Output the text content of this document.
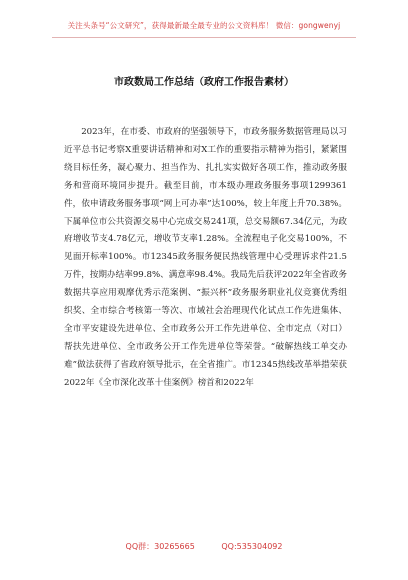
关注头条号“公文研究”，获得最新最全最专业的公文资料库！ 微信：gongwenyj
市政数局工作总结（政府工作报告素材）

2023年，在市委、市政府的坚强领导下，市政务服务数据管理局以习近平总书记考察X重要讲话精神和对X工作的重要指示精神为指引，紧紧围绕目标任务，凝心聚力、担当作为、扎扎实实做好各项工作，推动政务服务和营商环境同步提升。截至目前，市本级办理政务服务事项1299361件，依申请政务服务事项“网上可办率”达100%，较上年度上升70.38%。下属单位市公共资源交易中心完成交易241项，总交易额67.34亿元，为政府增收节支4.78亿元，增收节支率1.28%。全流程电子化交易100%，不见面开标率100%。市12345政务服务便民热线管理中心受理诉求件21.5万件，按期办结率99.8%、满意率98.4%。我局先后获评2022年全省政务数据共享应用观摩优秀示范案例、“振兴杯”政务服务职业礼仪竞赛优秀组织奖、全市综合考核第一等次、市域社会治理现代化试点工作先进集体、全市平安建设先进单位、全市政务公开工作先进单位、全市定点（对口）帮扶先进单位、全市政务公开工作先进单位等荣誉。“破解热线工单交办难”做法获得了省政府领导批示，在全省推广。市12345热线改革举措荣获2022年《全市深化改革十佳案例》榜首和2022年

QQ群：30265665	QQ:535304092
